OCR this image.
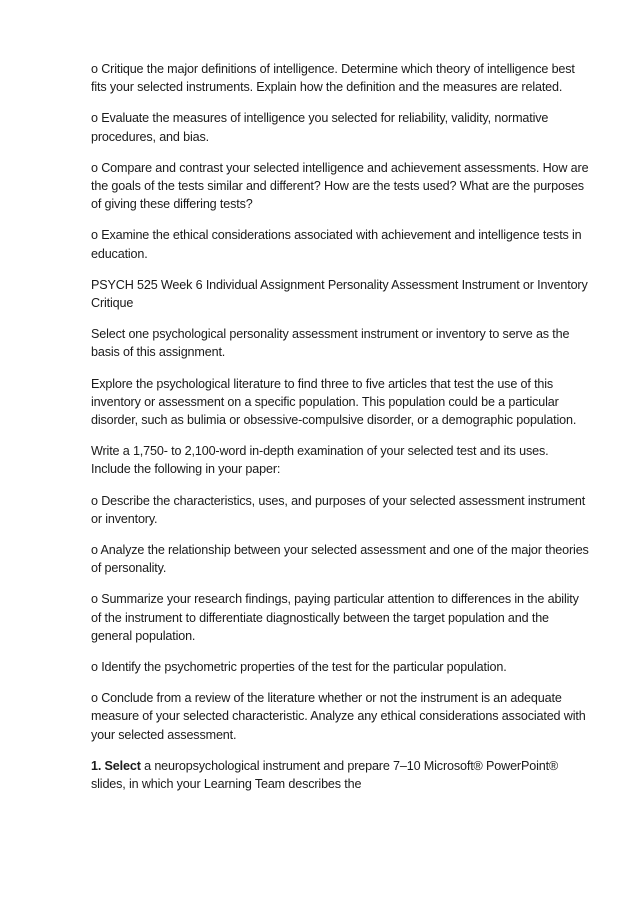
o Critique the major definitions of intelligence. Determine which theory of intelligence best fits your selected instruments. Explain how the definition and the measures are related.

o Evaluate the measures of intelligence you selected for reliability, validity, normative procedures, and bias.

o Compare and contrast your selected intelligence and achievement assessments. How are the goals of the tests similar and different? How are the tests used? What are the purposes of giving these differing tests?

o Examine the ethical considerations associated with achievement and intelligence tests in education.

PSYCH 525 Week 6 Individual Assignment Personality Assessment Instrument or Inventory Critique

Select one psychological personality assessment instrument or inventory to serve as the basis of this assignment.

Explore the psychological literature to find three to five articles that test the use of this inventory or assessment on a specific population. This population could be a particular disorder, such as bulimia or obsessive-compulsive disorder, or a demographic population.

Write a 1,750- to 2,100-word in-depth examination of your selected test and its uses. Include the following in your paper:

o Describe the characteristics, uses, and purposes of your selected assessment instrument or inventory.

o Analyze the relationship between your selected assessment and one of the major theories of personality.

o Summarize your research findings, paying particular attention to differences in the ability of the instrument to differentiate diagnostically between the target population and the general population.

o Identify the psychometric properties of the test for the particular population.

o Conclude from a review of the literature whether or not the instrument is an adequate measure of your selected characteristic. Analyze any ethical considerations associated with your selected assessment.

1. Select a neuropsychological instrument and prepare 7–10 Microsoft® PowerPoint® slides, in which your Learning Team describes the
